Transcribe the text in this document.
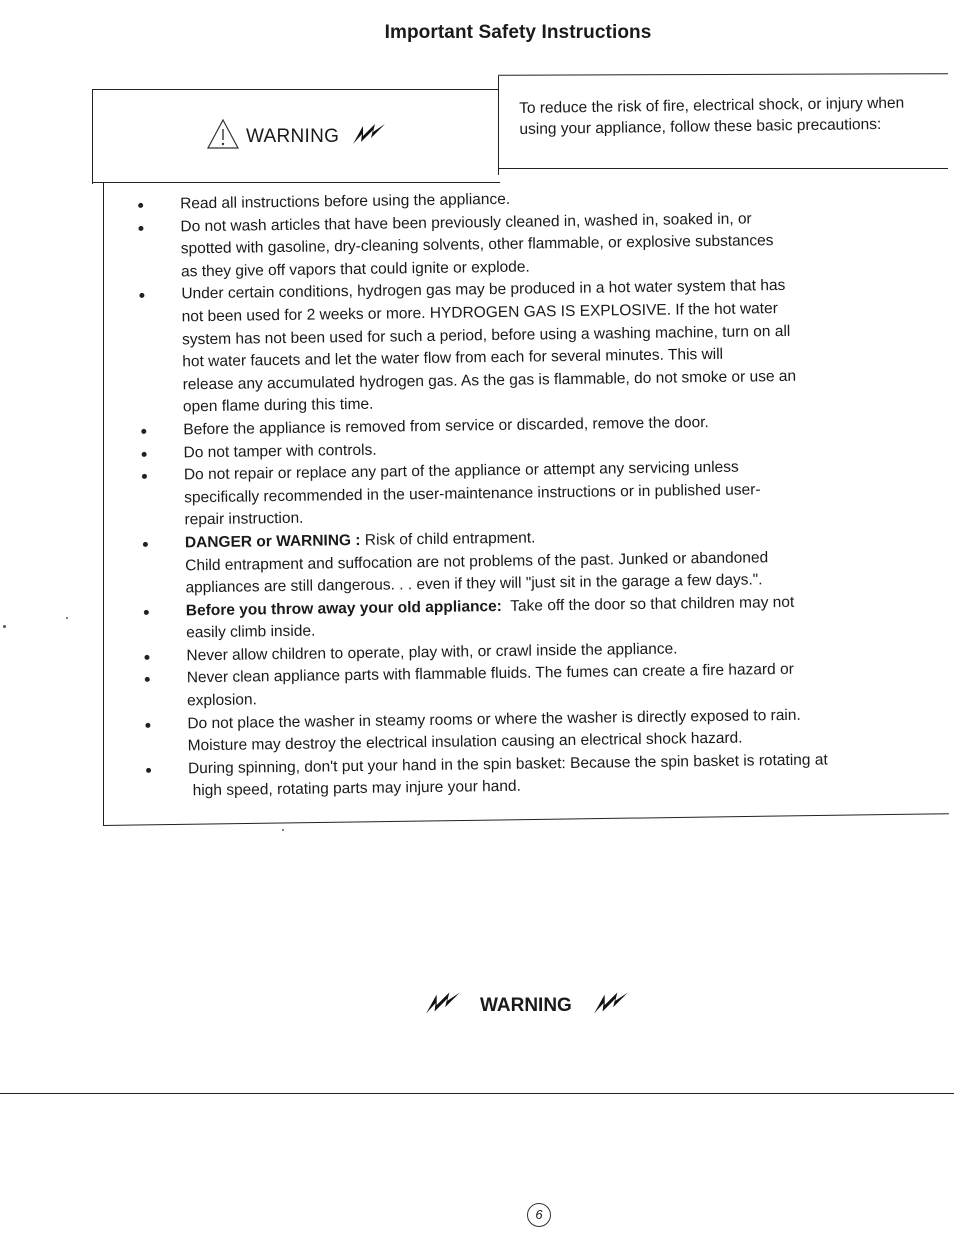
Important Safety Instructions
WARNING
To reduce the risk of fire, electrical shock, or injury when
using your appliance, follow these basic precautions:
Read all instructions before using the appliance.
Do not wash articles that have been previously cleaned in, washed in, soaked in, or
spotted with gasoline, dry-cleaning solvents, other flammable, or explosive substances
as they give off vapors that could ignite or explode.
Under certain conditions, hydrogen gas may be produced in a hot water system that has
not been used for 2 weeks or more. HYDROGEN GAS IS EXPLOSIVE. If the hot water
system has not been used for such a period, before using a washing machine, turn on all
hot water faucets and let the water flow from each for several minutes. This will
release any accumulated hydrogen gas. As the gas is flammable, do not smoke or use an
open flame during this time.
Before the appliance is removed from service or discarded, remove the door.
Do not tamper with controls.
Do not repair or replace any part of the appliance or attempt any servicing unless
specifically recommended in the user-maintenance instructions or in published user-
repair instruction.
DANGER or WARNING : Risk of child entrapment.
Child entrapment and suffocation are not problems of the past. Junked or abandoned
appliances are still dangerous. . . even if they will "just sit in the garage a few days.".
Before you throw away your old appliance:  Take off the door so that children may not
easily climb inside.
Never allow children to operate, play with, or crawl inside the appliance.
Never clean appliance parts with flammable fluids. The fumes can create a fire hazard or
explosion.
Do not place the washer in steamy rooms or where the washer is directly exposed to rain.
Moisture may destroy the electrical insulation causing an electrical shock hazard.
During spinning, don't put your hand in the spin basket: Because the spin basket is rotating at
high speed, rotating parts may injure your hand.
WARNING
6
